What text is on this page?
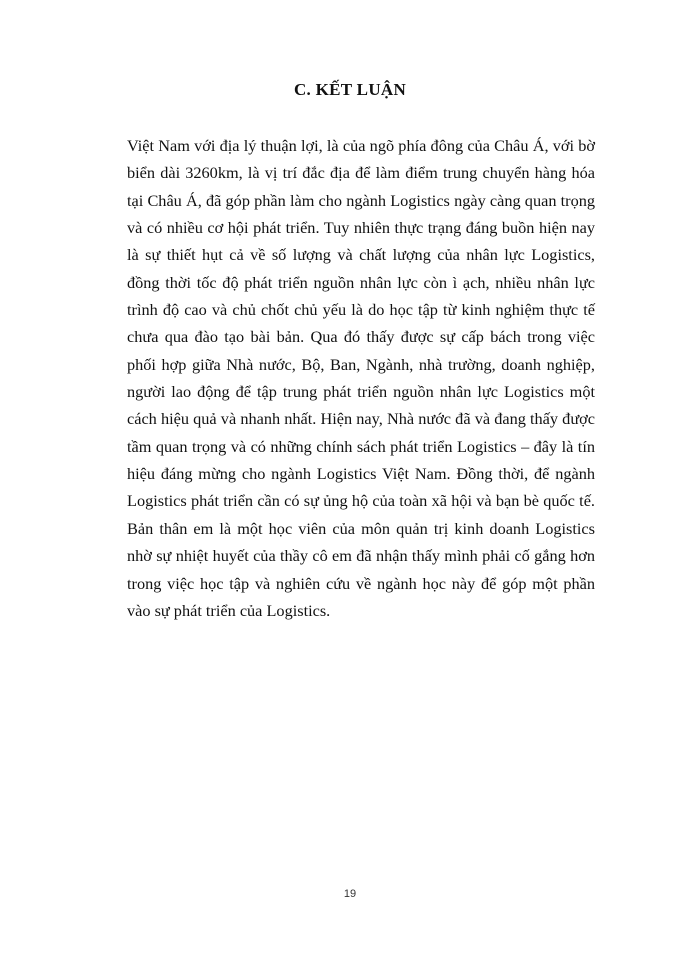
C. KẾT LUẬN

Việt Nam với địa lý thuận lợi, là của ngõ phía đông của Châu Á, với bờ biển dài 3260km, là vị trí đắc địa để làm điểm trung chuyển hàng hóa tại Châu Á, đã góp phần làm cho ngành Logistics ngày càng quan trọng và có nhiều cơ hội phát triển. Tuy nhiên thực trạng đáng buồn hiện nay là sự thiết hụt cả về số lượng và chất lượng của nhân lực Logistics, đồng thời tốc độ phát triển nguồn nhân lực còn ì ạch, nhiều nhân lực trình độ cao và chủ chốt chủ yếu là do học tập từ kinh nghiệm thực tế chưa qua đào tạo bài bản. Qua đó thấy được sự cấp bách trong việc phối hợp giữa Nhà nước, Bộ, Ban, Ngành, nhà trường, doanh nghiệp, người lao động để tập trung phát triển nguồn nhân lực Logistics một cách hiệu quả và nhanh nhất. Hiện nay, Nhà nước đã và đang thấy được tầm quan trọng và có những chính sách phát triển Logistics – đây là tín hiệu đáng mừng cho ngành Logistics Việt Nam. Đồng thời, để ngành Logistics phát triển cần có sự ủng hộ của toàn xã hội và bạn bè quốc tế. Bản thân em là một học viên của môn quản trị kinh doanh Logistics nhờ sự nhiệt huyết của thầy cô em đã nhận thấy mình phải cố gắng hơn trong việc học tập và nghiên cứu về ngành học này để góp một phần vào sự phát triển của Logistics.

19
